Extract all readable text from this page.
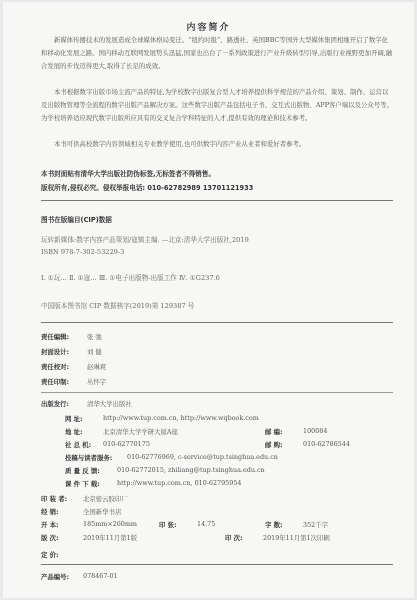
内容简介
新媒体传播技术的发展造成全球媒体格局变迁。“纽约时报”、路透社、英国BBC等国外大型媒体集团相继开启了数字化和移动化发展之路。国内移动互联网发展势头迅猛,国家也出台了一系列政策进行产业升级转型引导,出版行业视野更加开阔,融合发展的步伐迈得更大,取得了长足的成效。
本书根据数字出版市场主流产品的特征,为学校数字出版复合型人才培养提供科学规范的产品介绍、策划、制作、运营以及出版物管理等全流程的数字出版产品解决方案。这些数字出版产品包括电子书、交互式出版物、APP客户端以及公众号等。为学校培养适应现代数字出版所应具有的交叉复合学科特征的人才,提供有效的理论和技术参考。
本书可供高校数字内容领域相关专业教学使用,也可供数字内容产业从业者和爱好者参考。
本书封面贴有清华大学出版社防伪标签,无标签者不得销售。
版权所有,侵权必究。侵权举报电话: 010-62782989 13701121933
图书在版编目(CIP)数据
玩转新媒体:数字内容产品策划/寇镇主编. —北京:清华大学出版社,2019
ISBN 978-7-302-53229-3
Ⅰ. ①玩… Ⅱ. ①寇… Ⅲ. ①电子出版物-出版工作 Ⅳ. ①G237.6
中国版本图书馆 CIP 数据核字(2019)第 129387 号
责任编辑:	张 弛
封面设计:	刘 健
责任校对:	赵琳爽
责任印制:	丛怀宇
出版发行:	清华大学出版社
网 址:	http://www.tup.com.cn, http://www.wqbook.com
地 址:	北京清华大学学研大厦A座	邮 编:	100084
社 总 机: 010-62770175	邮 购:	010-62786544
投稿与读者服务: 010-62776969, c-service@tup.tsinghua.edu.cn
质 量 反 馈:	010-62772015, zhiliang@tup.tsinghua.edu.cn
课 件 下 载:	http://www.tup.com.cn, 010-62795954
印 装 者: 北京密云胶印厂
经 销:	全国新华书店
开 本:	185mm×260mm	印 张:	14.75	字 数:	352千字
版 次:	2019年11月第1版	印 次:	2019年11月第1次印刷
定 价:
产品编号: 078467-01
